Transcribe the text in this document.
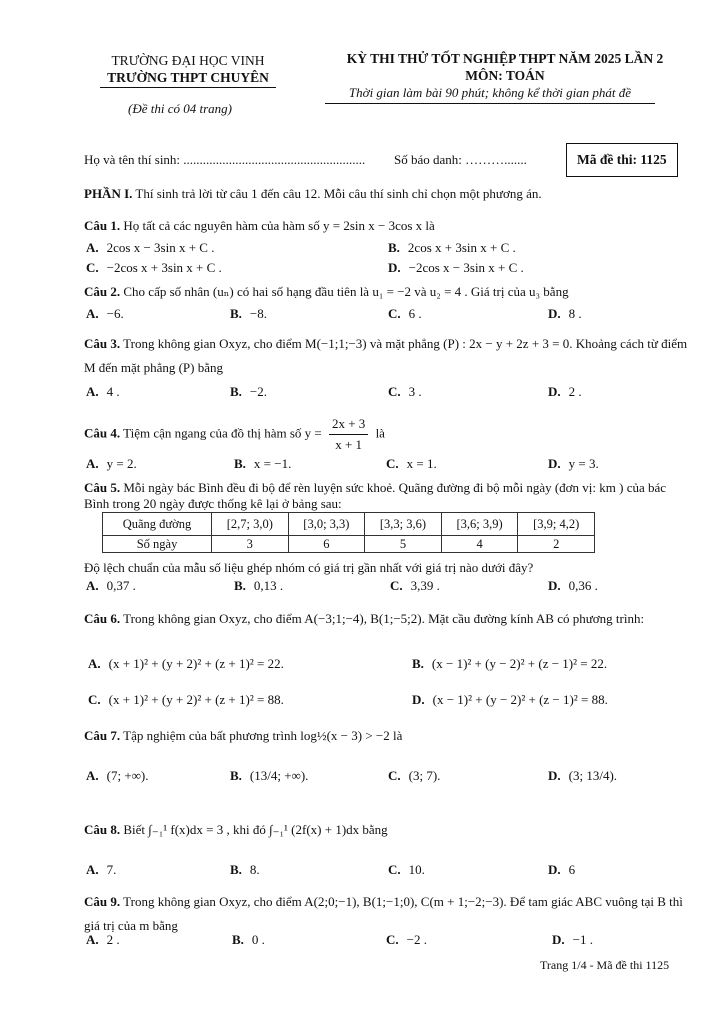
TRƯỜNG ĐẠI HỌC VINH
TRƯỜNG THPT CHUYÊN
(Đề thi có 04 trang)
KỲ THI THỬ TỐT NGHIỆP THPT NĂM 2025 LẦN 2
MÔN: TOÁN
Thời gian làm bài 90 phút; không kể thời gian phát đề
Họ và tên thí sinh: ........................................................ Số báo danh: ……….......	Mã đề thi: 1125
PHẦN I. Thí sinh trả lời từ câu 1 đến câu 12. Mỗi câu thí sinh chỉ chọn một phương án.
Câu 1. Họ tất cả các nguyên hàm của hàm số y = 2sin x − 3cos x là
A. 2cos x − 3sin x + C .	B. 2cos x + 3sin x + C .
C. −2cos x + 3sin x + C .	D. −2cos x − 3sin x + C .
Câu 2. Cho cấp số nhân (uₙ) có hai số hạng đầu tiên là u₁ = −2 và u₂ = 4 . Giá trị của u₃ bằng
A. −6.	B. −8.	C. 6 .	D. 8 .
Câu 3. Trong không gian Oxyz, cho điểm M(−1;1;−3) và mặt phẳng (P) : 2x − y + 2z + 3 = 0. Khoảng cách từ điểm M đến mặt phẳng (P) bằng
A. 4 .	B. −2.	C. 3 .	D. 2 .
Câu 4. Tiệm cận ngang của đồ thị hàm số $y = \frac{2x + 3}{x + 1}$ là
A. y = 2.	B. x = −1.	C. x = 1.	D. y = 3.
Câu 5. Mỗi ngày bác Bình đều đi bộ để rèn luyện sức khoẻ. Quãng đường đi bộ mỗi ngày (đơn vị: km ) của bác Bình trong 20 ngày được thống kê lại ở bảng sau:
Quãng đường	[2,7; 3,0)	[3,0; 3,3)	[3,3; 3,6)	[3,6; 3,9)	[3,9; 4,2)
Số ngày	3	6	5	4	2
Độ lệch chuẩn của mẫu số liệu ghép nhóm có giá trị gần nhất với giá trị nào dưới đây?
A. 0,37 .	B. 0,13 .	C. 3,39 .	D. 0,36 .
Câu 6. Trong không gian Oxyz, cho điểm A(−3;1;−4), B(1;−5;2). Mặt cầu đường kính AB có phương trình:
A. (x + 1)² + (y + 2)² + (z + 1)² = 22.	B. (x − 1)² + (y − 2)² + (z − 1)² = 22.
C. (x + 1)² + (y + 2)² + (z + 1)² = 88.	D. (x − 1)² + (y − 2)² + (z − 1)² = 88.
Câu 7. Tập nghiệm của bất phương trình log½(x − 3) > −2 là
A. (7; +∞).	B. (13/4; +∞).	C. (3; 7).	D. (3; 13/4).
Câu 8. Biết ∫₋₁¹ f(x)dx = 3 , khi đó ∫₋₁¹ (2f(x) + 1)dx bằng
A. 7.	B. 8.	C. 10.	D. 6
Câu 9. Trong không gian Oxyz, cho điểm A(2;0;−1), B(1;−1;0), C(m + 1;−2;−3). Để tam giác ABC vuông tại B thì giá trị của m bằng
A. 2 .	B. 0 .	C. −2 .	D. −1 .
Trang 1/4 - Mã đề thi 1125
